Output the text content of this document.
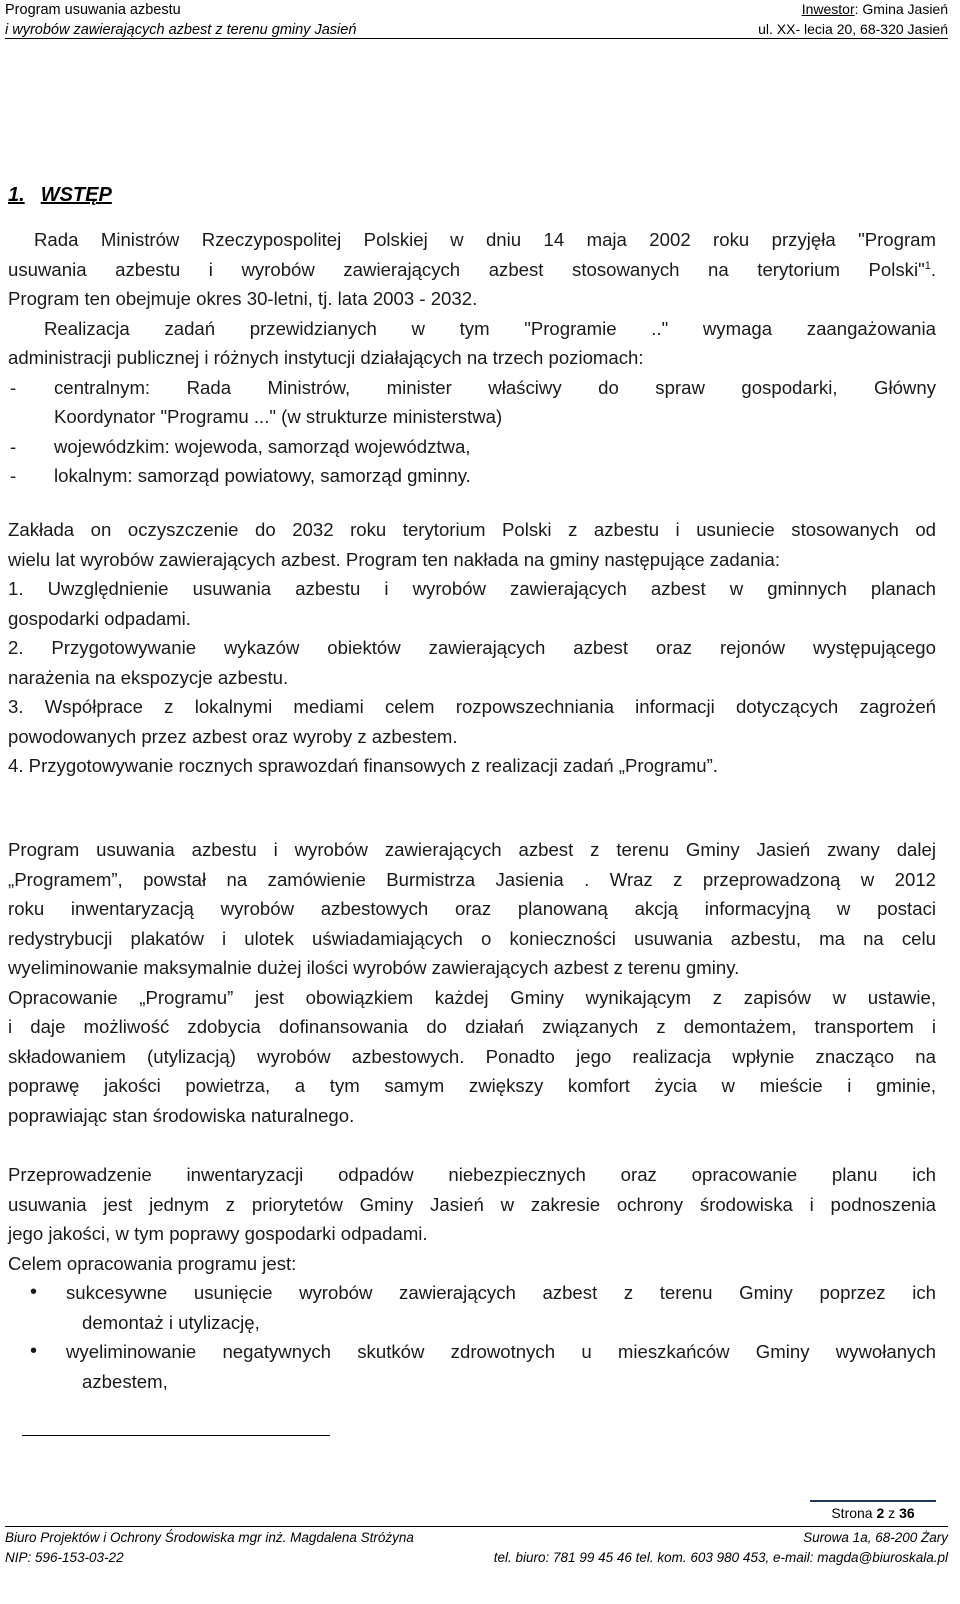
Program usuwania azbestu	Inwestor: Gmina Jasień
i wyrobów zawierających azbest z terenu gminy Jasień	ul. XX- lecia 20, 68-320 Jasień
1. WSTĘP
Rada Ministrów Rzeczypospolitej Polskiej w dniu 14 maja 2002 roku przyjęła "Program
usuwania azbestu i wyrobów zawierających azbest stosowanych na terytorium Polski"$^1$.
Program ten obejmuje okres 30-letni, tj. lata 2003 - 2032.
Realizacja zadań przewidzianych w tym "Programie .." wymaga zaangażowania
administracji publicznej i różnych instytucji działających na trzech poziomach:
-	centralnym: Rada Ministrów, minister właściwy do spraw gospodarki, Główny
Koordynator "Programu ..." (w strukturze ministerstwa)
-	wojewódzkim: wojewoda, samorząd województwa,
-	lokalnym: samorząd powiatowy, samorząd gminny.
Zakłada on oczyszczenie do 2032 roku terytorium Polski z azbestu i usuniecie stosowanych od
wielu lat wyrobów zawierających azbest. Program ten nakłada na gminy następujące zadania:
1. Uwzględnienie usuwania azbestu i wyrobów zawierających azbest w gminnych planach
gospodarki odpadami.
2. Przygotowywanie wykazów obiektów zawierających azbest oraz rejonów występującego
narażenia na ekspozycje azbestu.
3. Współprace z lokalnymi mediami celem rozpowszechniania informacji dotyczących zagrożeń
powodowanych przez azbest oraz wyroby z azbestem.
4. Przygotowywanie rocznych sprawozdań finansowych z realizacji zadań „Programu”.
Program usuwania azbestu i wyrobów zawierających azbest z terenu Gminy Jasień zwany dalej
„Programem”, powstał na zamówienie Burmistrza Jasienia . Wraz z przeprowadzoną w 2012
roku inwentaryzacją wyrobów azbestowych oraz planowaną akcją informacyjną w postaci
redystrybucji plakatów i ulotek uświadamiających o konieczności usuwania azbestu, ma na celu
wyeliminowanie maksymalnie dużej ilości wyrobów zawierających azbest z terenu gminy.
Opracowanie „Programu” jest obowiązkiem każdej Gminy wynikającym z zapisów w ustawie,
i daje możliwość zdobycia dofinansowania do działań związanych z demontażem, transportem i
składowaniem (utylizacją) wyrobów azbestowych. Ponadto jego realizacja wpłynie znacząco na
poprawę jakości powietrza, a tym samym zwiększy komfort życia w mieście i gminie,
poprawiając stan środowiska naturalnego.
Przeprowadzenie inwentaryzacji odpadów niebezpiecznych oraz opracowanie planu ich
usuwania jest jednym z priorytetów Gminy Jasień w zakresie ochrony środowiska i podnoszenia
jego jakości, w tym poprawy gospodarki odpadami.
Celem opracowania programu jest:
•	sukcesywne usunięcie wyrobów zawierających azbest z terenu Gminy poprzez ich
demontaż i utylizację,
•	wyeliminowanie negatywnych skutków zdrowotnych u mieszkańców Gminy wywołanych
azbestem,
Strona 2 z 36
Biuro Projektów i Ochrony Środowiska mgr inż. Magdalena Stróżyna	Surowa 1a, 68-200 Żary
NIP: 596-153-03-22	tel. biuro: 781 99 45 46 tel. kom. 603 980 453, e-mail: magda@biuroskala.pl
